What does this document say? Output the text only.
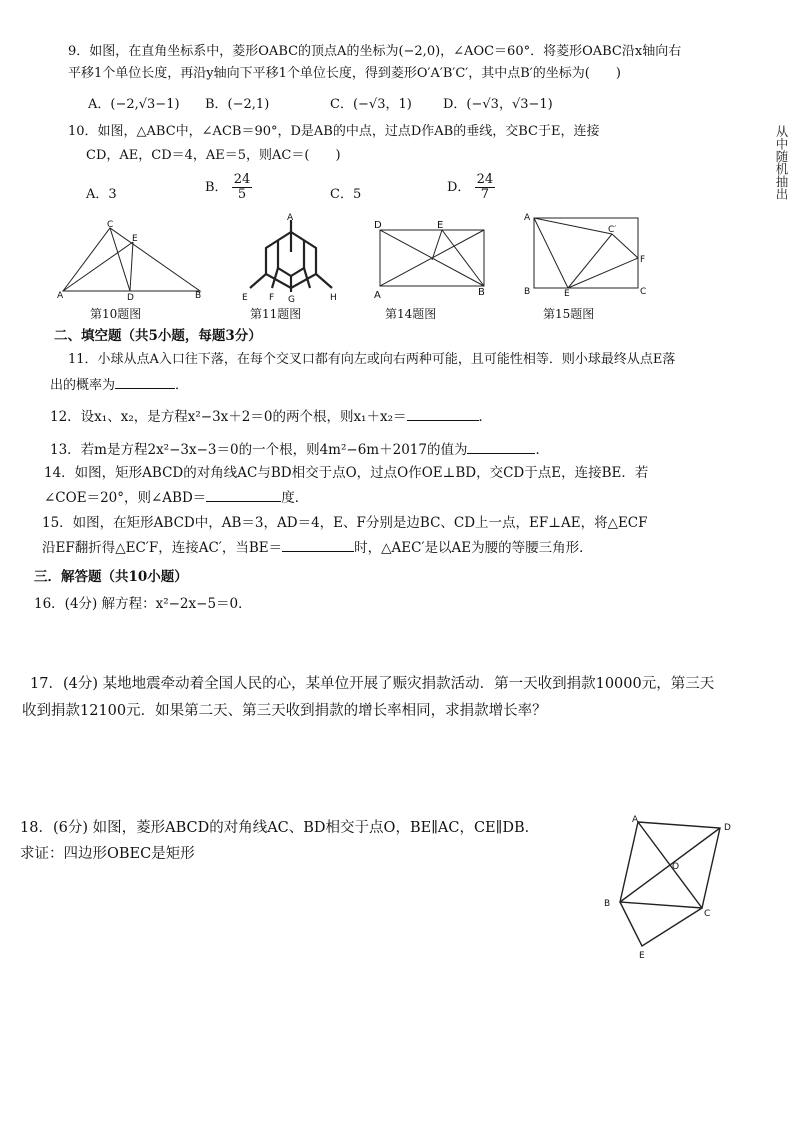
从中随机抽出
9．如图，在直角坐标系中，菱形OABC的顶点A的坐标为(−2,0)，∠AOC＝60°．将菱形OABC沿x轴向右
平移1个单位长度，再沿y轴向下平移1个单位长度，得到菱形O′A′B′C′，其中点B′的坐标为(　　)
A．(−2,√3−1) B．(−2,1)	C．(−√3，1) D．(−√3，√3−1)
10．如图，△ABC中，∠ACB＝90°，D是AB的中点，过点D作AB的垂线，交BC于E，连接
CD，AE，CD＝4，AE＝5，则AC＝(　　)
A．3	B． $\frac{24}{5}$	C．5	D． $\frac{24}{7}$
C
E
A	D	B
A
E F G	H
D	E
A	B
A
C′
F
B	E	C
第10题图	第11题图	第14题图	第15题图
二、填空题（共5小题，每题3分）
11．小球从点A入口往下落，在每个交叉口都有向左或向右两种可能，且可能性相等．则小球最终从点E落
出的概率为	．
12．设x₁、x₂，是方程x²−3x＋2＝0的两个根，则x₁＋x₂＝	．
13．若m是方程2x²−3x−3＝0的一个根，则4m²−6m＋2017的值为	．
14．如图，矩形ABCD的对角线AC与BD相交于点O，过点O作OE⊥BD，交CD于点E，连接BE．若
∠COE＝20°，则∠ABD＝	度．
15．如图，在矩形ABCD中，AB＝3，AD＝4，E、F分别是边BC、CD上一点，EF⊥AE，将△ECF
沿EF翻折得△EC′F，连接AC′，当BE＝	时，△AEC′是以AE为腰的等腰三角形．
三．解答题（共10小题）
16．(4分) 解方程：x²−2x−5＝0．
17．(4分) 某地地震牵动着全国人民的心，某单位开展了赈灾捐款活动．第一天收到捐款10000元，第三天
收到捐款12100元．如果第二天、第三天收到捐款的增长率相同，求捐款增长率？
18．(6分) 如图，菱形ABCD的对角线AC、BD相交于点O，BE∥AC，CE∥DB．
求证：四边形OBEC是矩形
A
D
O
B
C
E
